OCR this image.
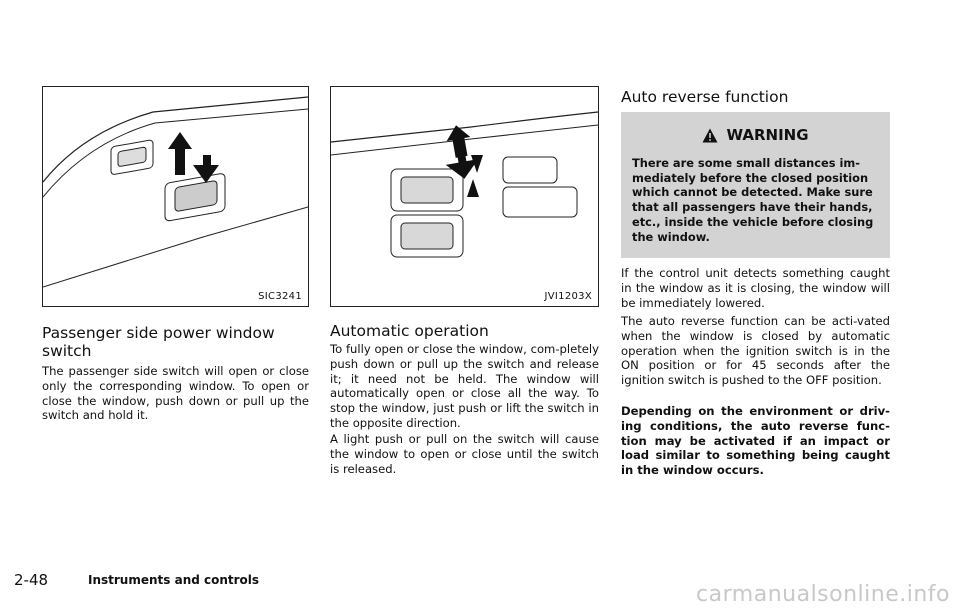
SIC3241	JVI1203X
Passenger side power window
switch

The passenger side switch will open or close only the corresponding window. To open or close the window, push down or pull up the switch and hold it.

Automatic operation

To fully open or close the window, com-pletely push down or pull up the switch and release it; it need not be held. The window will automatically open or close all the way. To stop the window, just push or lift the switch in the opposite direction.

A light push or pull on the switch will cause the window to open or close until the switch is released.

Auto reverse function
WARNING
There are some small distances im-mediately before the closed position which cannot be detected. Make sure that all passengers have their hands, etc., inside the vehicle before closing the window.

If the control unit detects something caught in the window as it is closing, the window will be immediately lowered.

The auto reverse function can be acti-vated when the window is closed by automatic operation when the ignition switch is in the ON position or for 45 seconds after the ignition switch is pushed to the OFF position.

Depending on the environment or driv-ing conditions, the auto reverse func-tion may be activated if an impact or load similar to something being caught in the window occurs.

2-48	Instruments and controls
carmanualsonline.info
